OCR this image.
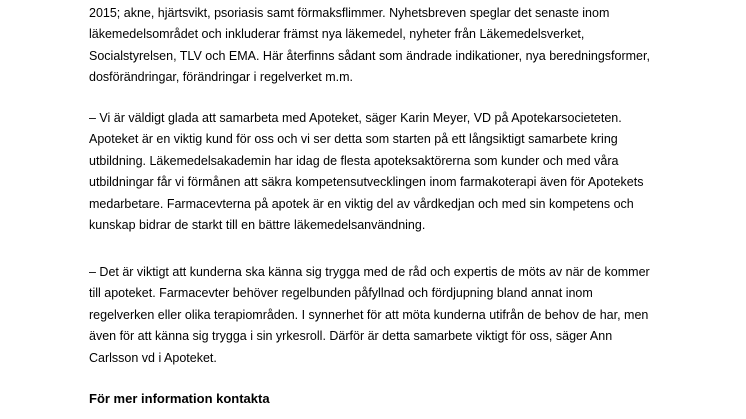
2015; akne, hjärtsvikt, psoriasis samt förmaksflimmer. Nyhetsbreven speglar det senaste inom
läkemedelsområdet och inkluderar främst nya läkemedel, nyheter från Läkemedelsverket,
Socialstyrelsen, TLV och EMA. Här återfinns sådant som ändrade indikationer, nya beredningsformer,
dosförändringar, förändringar i regelverket m.m.

– Vi är väldigt glada att samarbeta med Apoteket, säger Karin Meyer, VD på Apotekarsocieteten.
Apoteket är en viktig kund för oss och vi ser detta som starten på ett långsiktigt samarbete kring
utbildning. Läkemedelsakademin har idag de flesta apoteksaktörerna som kunder och med våra
utbildningar får vi förmånen att säkra kompetensutvecklingen inom farmakoterapi även för Apotekets
medarbetare. Farmacevterna på apotek är en viktig del av vårdkedjan och med sin kompetens och
kunskap bidrar de starkt till en bättre läkemedelsanvändning.

– Det är viktigt att kunderna ska känna sig trygga med de råd och expertis de möts av när de kommer
till apoteket. Farmacevter behöver regelbunden påfyllnad och fördjupning bland annat inom
regelverken eller olika terapiområden. I synnerhet för att möta kunderna utifrån de behov de har, men
även för att känna sig trygga i sin yrkesroll. Därför är detta samarbete viktigt för oss, säger Ann
Carlsson vd i Apoteket.

För mer information kontakta
